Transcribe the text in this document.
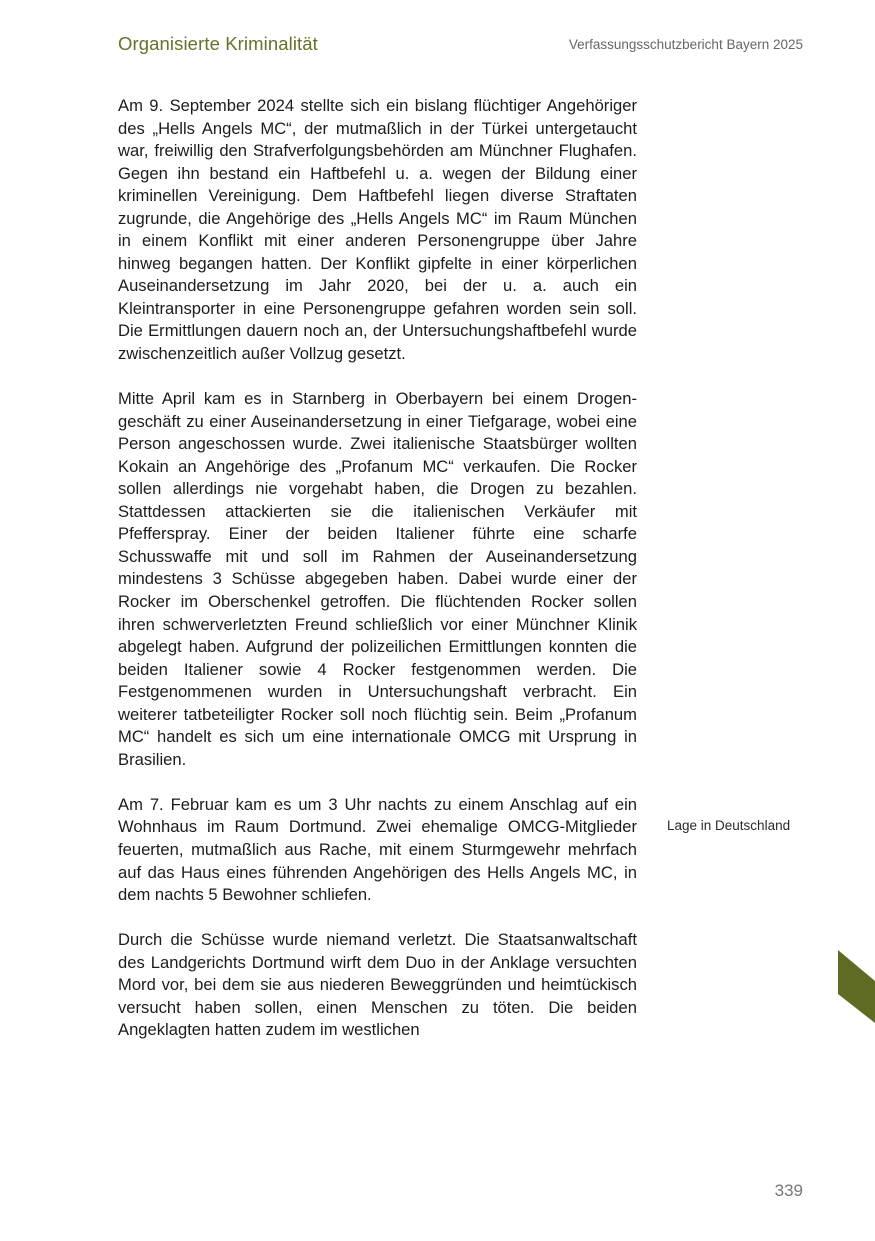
Organisierte Kriminalität	Verfassungsschutzbericht Bayern 2025

Am 9. September 2024 stellte sich ein bislang flüchtiger Angehöriger des „Hells Angels MC“, der mutmaßlich in der Türkei untergetaucht war, freiwillig den Strafverfolgungsbehörden am Münchner Flughafen. Gegen ihn bestand ein Haftbefehl u. a. wegen der Bildung einer kriminellen Vereinigung. Dem Haftbefehl liegen diverse Straftaten zugrunde, die Angehörige des „Hells Angels MC“ im Raum München in einem Konflikt mit einer anderen Personengruppe über Jahre hinweg begangen hatten. Der Konflikt gipfelte in einer körperlichen Auseinandersetzung im Jahr 2020, bei der u. a. auch ein Kleintransporter in eine Personengruppe gefahren worden sein soll. Die Ermittlungen dauern noch an, der Untersuchungshaftbefehl wurde zwischenzeitlich außer Vollzug gesetzt.

Mitte April kam es in Starnberg in Oberbayern bei einem Drogengeschäft zu einer Auseinandersetzung in einer Tiefgarage, wobei eine Person angeschossen wurde. Zwei italienische Staatsbürger wollten Kokain an Angehörige des „Profanum MC“ verkaufen. Die Rocker sollen allerdings nie vorgehabt haben, die Drogen zu bezahlen. Stattdessen attackierten sie die italienischen Verkäufer mit Pfefferspray. Einer der beiden Italiener führte eine scharfe Schusswaffe mit und soll im Rahmen der Auseinandersetzung mindestens 3 Schüsse abgegeben haben. Dabei wurde einer der Rocker im Oberschenkel getroffen. Die flüchtenden Rocker sollen ihren schwerverletzten Freund schließlich vor einer Münchner Klinik abgelegt haben. Aufgrund der polizeilichen Ermittlungen konnten die beiden Italiener sowie 4 Rocker festgenommen werden. Die Festgenommenen wurden in Untersuchungshaft verbracht. Ein weiterer tatbeteiligter Rocker soll noch flüchtig sein. Beim „Profanum MC“ handelt es sich um eine internationale OMCG mit Ursprung in Brasilien.

Am 7. Februar kam es um 3 Uhr nachts zu einem Anschlag auf ein Wohnhaus im Raum Dortmund. Zwei ehemalige OMCG-Mitglieder feuerten, mutmaßlich aus Rache, mit einem Sturmgewehr mehrfach auf das Haus eines führenden Angehörigen des Hells Angels MC, in dem nachts 5 Bewohner schliefen.

Durch die Schüsse wurde niemand verletzt. Die Staatsanwaltschaft des Landgerichts Dortmund wirft dem Duo in der Anklage versuchten Mord vor, bei dem sie aus niederen Beweggründen und heimtückisch versucht haben sollen, einen Menschen zu töten. Die beiden Angeklagten hatten zudem im westlichen

Lage in Deutschland
339
